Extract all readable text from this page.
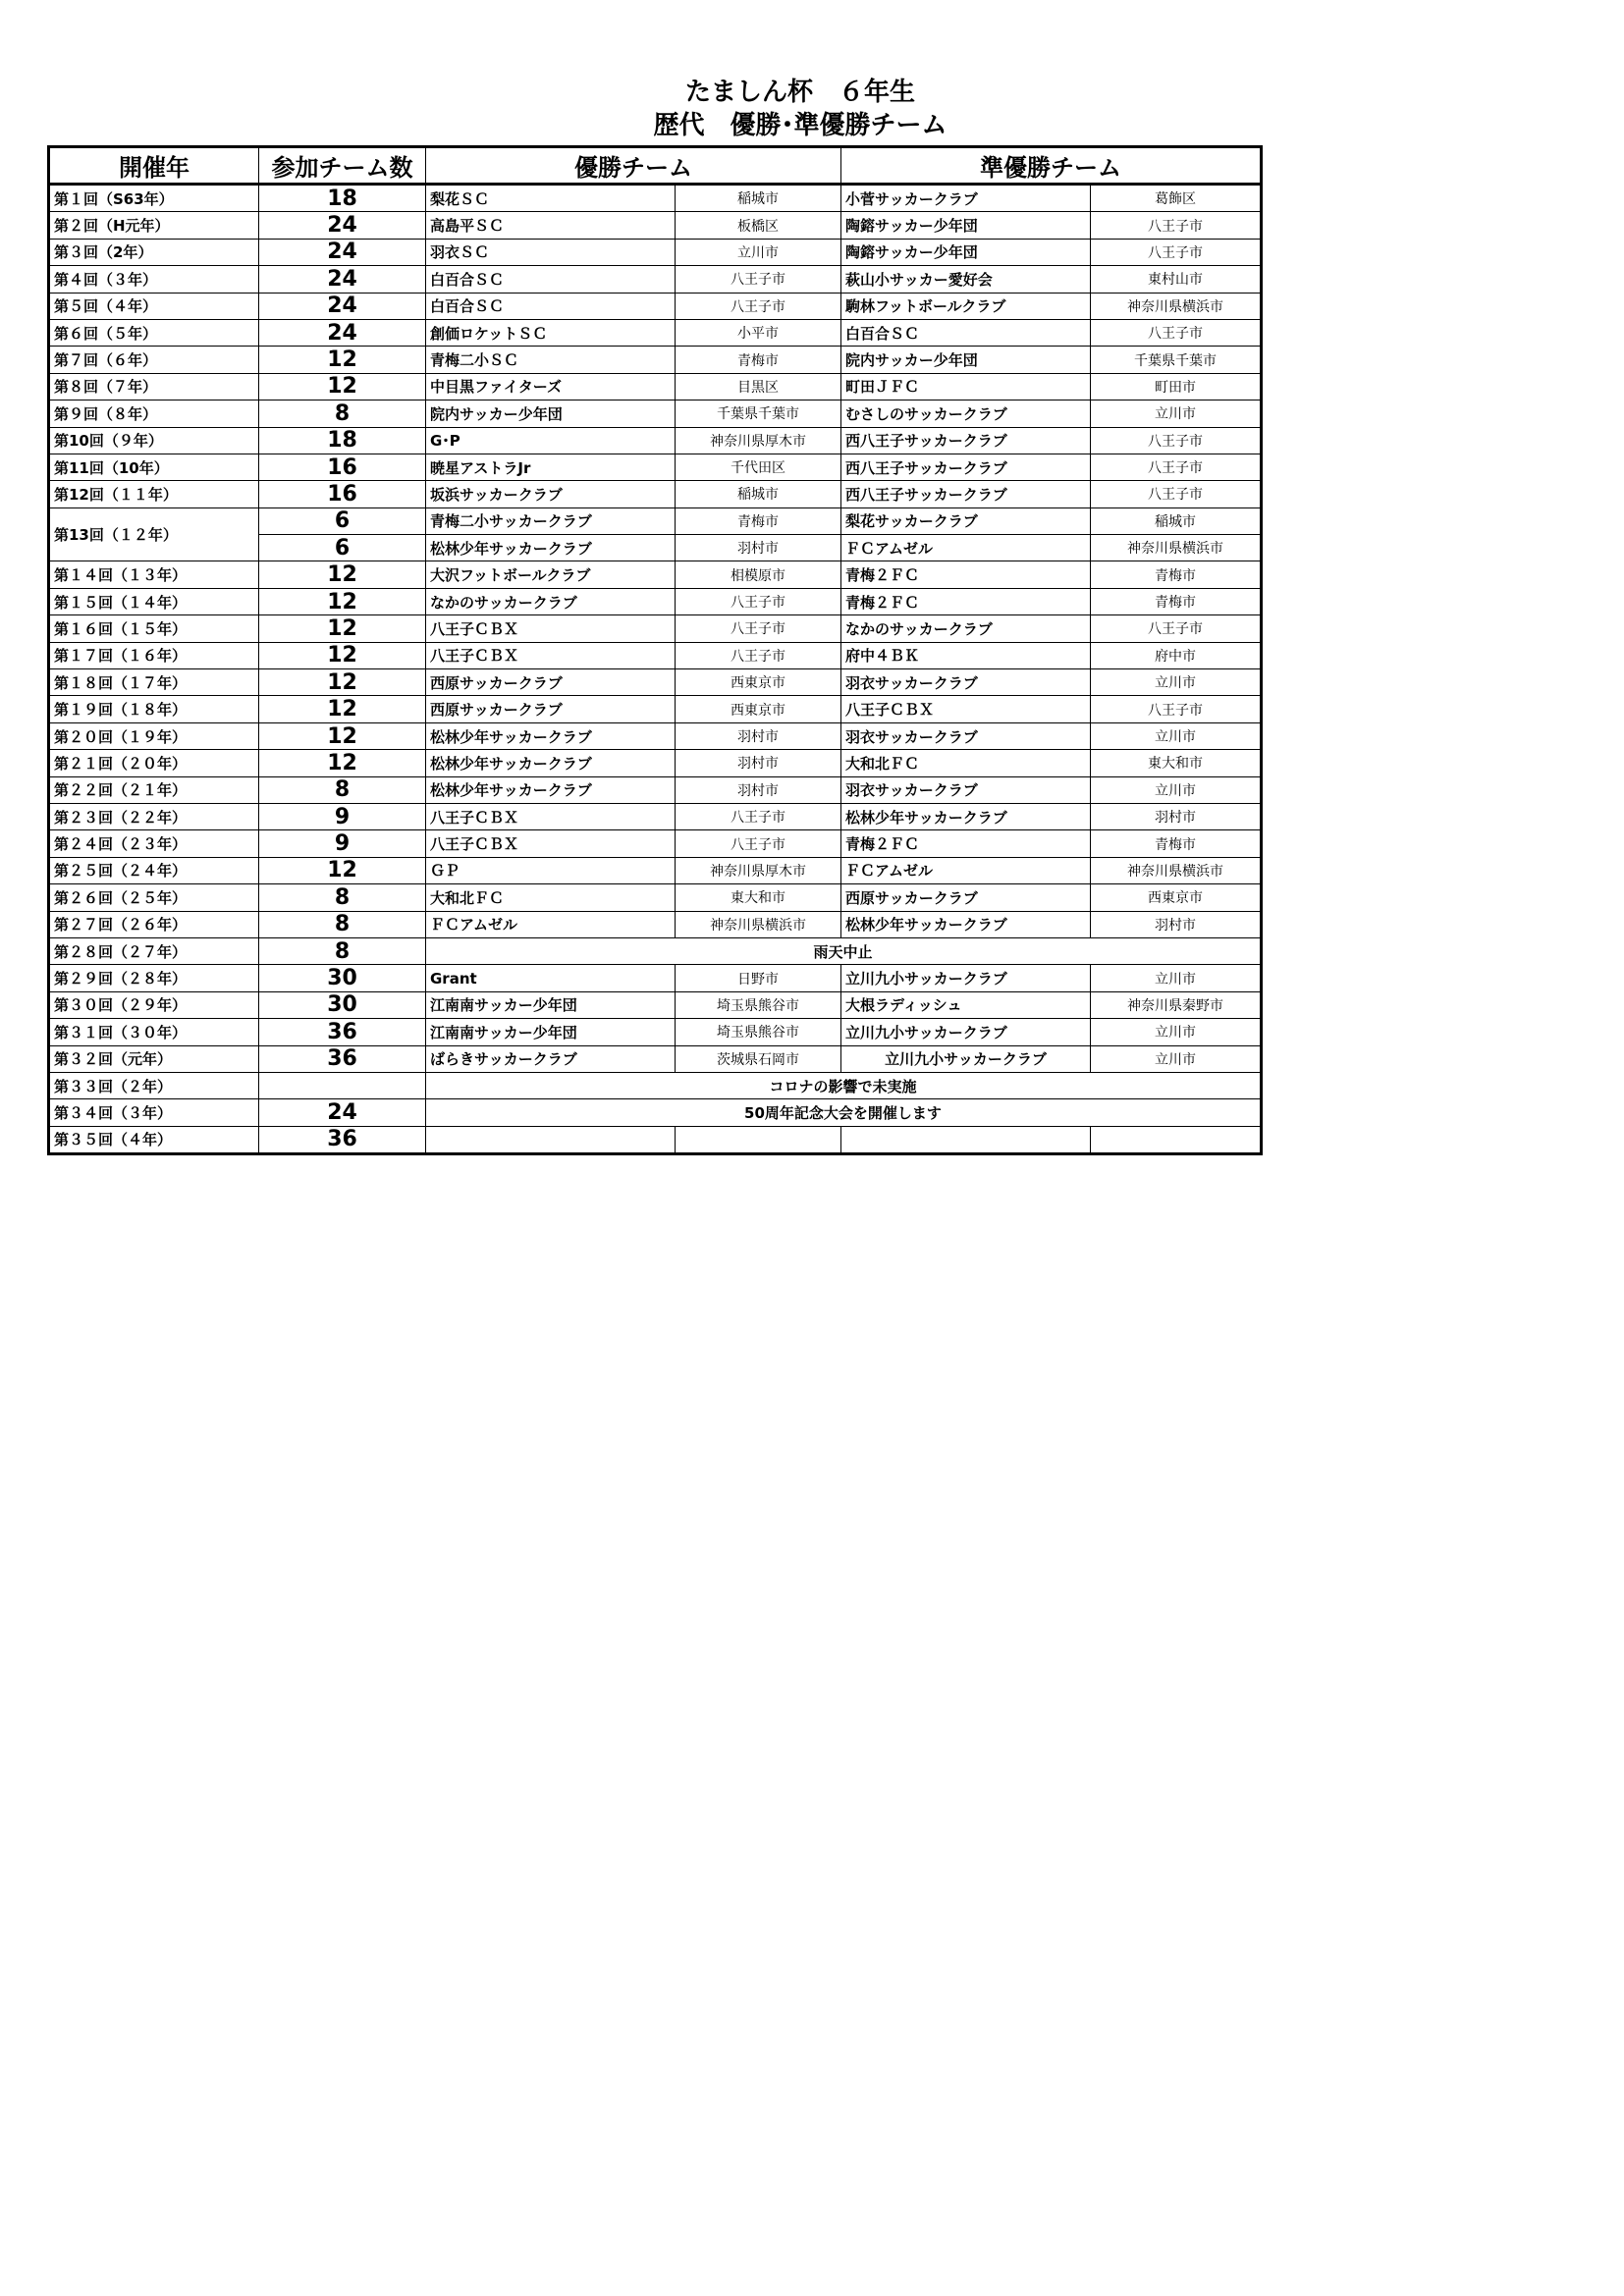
たましん杯　６年生
歴代　優勝･準優勝チーム
開催年	参加チーム数	優勝チーム		準優勝チーム	
第１回（S63年）	18	梨花ＳＣ	稲城市	小菅サッカークラブ	葛飾区
第２回（H元年）	24	高島平ＳＣ	板橋区	陶鎔サッカー少年団	八王子市
第３回（2年）	24	羽衣ＳＣ	立川市	陶鎔サッカー少年団	八王子市
第４回（３年）	24	白百合ＳＣ	八王子市	萩山小サッカー愛好会	東村山市
第５回（４年）	24	白百合ＳＣ	八王子市	駒林フットボールクラブ	神奈川県横浜市
第６回（５年）	24	創価ロケットＳＣ	小平市	白百合ＳＣ	八王子市
第７回（６年）	12	青梅二小ＳＣ	青梅市	院内サッカー少年団	千葉県千葉市
第８回（７年）	12	中目黒ファイターズ	目黒区	町田ＪＦＣ	町田市
第９回（８年）	8	院内サッカー少年団	千葉県千葉市	むさしのサッカークラブ	立川市
第10回（９年）	18	G･P	神奈川県厚木市	西八王子サッカークラブ	八王子市
第11回（10年）	16	暁星アストラJr	千代田区	西八王子サッカークラブ	八王子市
第12回（１１年）	16	坂浜サッカークラブ	稲城市	西八王子サッカークラブ	八王子市
第13回（１２年）	6	青梅二小サッカークラブ	青梅市	梨花サッカークラブ	稲城市
	6	松林少年サッカークラブ	羽村市	ＦＣアムゼル	神奈川県横浜市
第１４回（１３年）	12	大沢フットボールクラブ	相模原市	青梅２ＦＣ	青梅市
第１５回（１４年）	12	なかのサッカークラブ	八王子市	青梅２ＦＣ	青梅市
第１６回（１５年）	12	八王子ＣＢＸ	八王子市	なかのサッカークラブ	八王子市
第１７回（１６年）	12	八王子ＣＢＸ	八王子市	府中４ＢＫ	府中市
第１８回（１７年）	12	西原サッカークラブ	西東京市	羽衣サッカークラブ	立川市
第１９回（１８年）	12	西原サッカークラブ	西東京市	八王子ＣＢＸ	八王子市
第２０回（１９年）	12	松林少年サッカークラブ	羽村市	羽衣サッカークラブ	立川市
第２１回（２０年）	12	松林少年サッカークラブ	羽村市	大和北ＦＣ	東大和市
第２２回（２１年）	8	松林少年サッカークラブ	羽村市	羽衣サッカークラブ	立川市
第２３回（２２年）	9	八王子ＣＢＸ	八王子市	松林少年サッカークラブ	羽村市
第２４回（２３年）	9	八王子ＣＢＸ	八王子市	青梅２ＦＣ	青梅市
第２５回（２４年）	12	ＧＰ	神奈川県厚木市	ＦＣアムゼル	神奈川県横浜市
第２６回（２５年）	8	大和北ＦＣ	東大和市	西原サッカークラブ	西東京市
第２７回（２６年）	8	ＦＣアムゼル	神奈川県横浜市	松林少年サッカークラブ	羽村市
第２８回（２７年）	8	雨天中止			
第２９回（２８年）	30	Grant	日野市	立川九小サッカークラブ	立川市
第３０回（２９年）	30	江南南サッカー少年団	埼玉県熊谷市	大根ラディッシュ	神奈川県秦野市
第３１回（３０年）	36	江南南サッカー少年団	埼玉県熊谷市	立川九小サッカークラブ	立川市
第３２回（元年）	36	ばらきサッカークラブ	茨城県石岡市	立川九小サッカークラブ	立川市
第３３回（２年）		コロナの影響で未実施			
第３４回（３年）	24	50周年記念大会を開催します			
第３５回（４年）	36				
